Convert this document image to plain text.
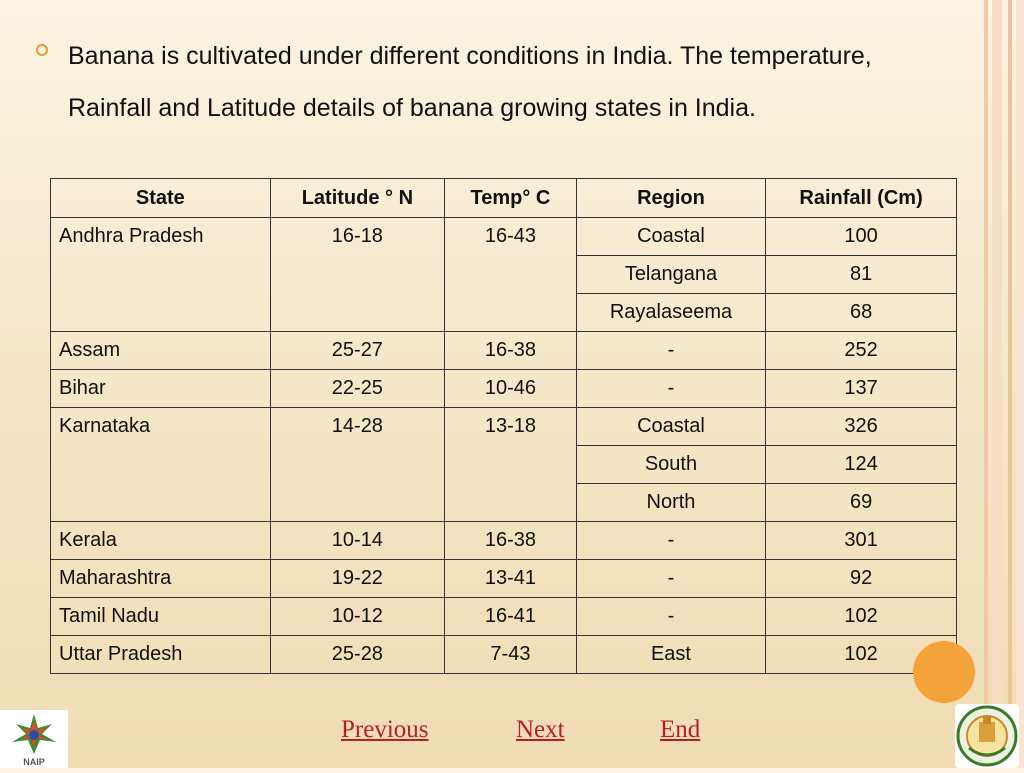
Banana is cultivated under different conditions in India. The temperature, Rainfall and Latitude details of banana growing states in India.

State	Latitude ° N	Temp° C	Region	Rainfall (Cm)
Andhra Pradesh	16-18	16-43	Coastal	100
			Telangana	81
			Rayalaseema	68
Assam	25-27	16-38	-	252
Bihar	22-25	10-46	-	137
Karnataka	14-28	13-18	Coastal	326
			South	124
			North	69
Kerala	10-14	16-38	-	301
Maharashtra	19-22	13-41	-	92
Tamil Nadu	10-12	16-41	-	102
Uttar Pradesh	25-28	7-43	East	102
Previous	Next	End
NAIP
